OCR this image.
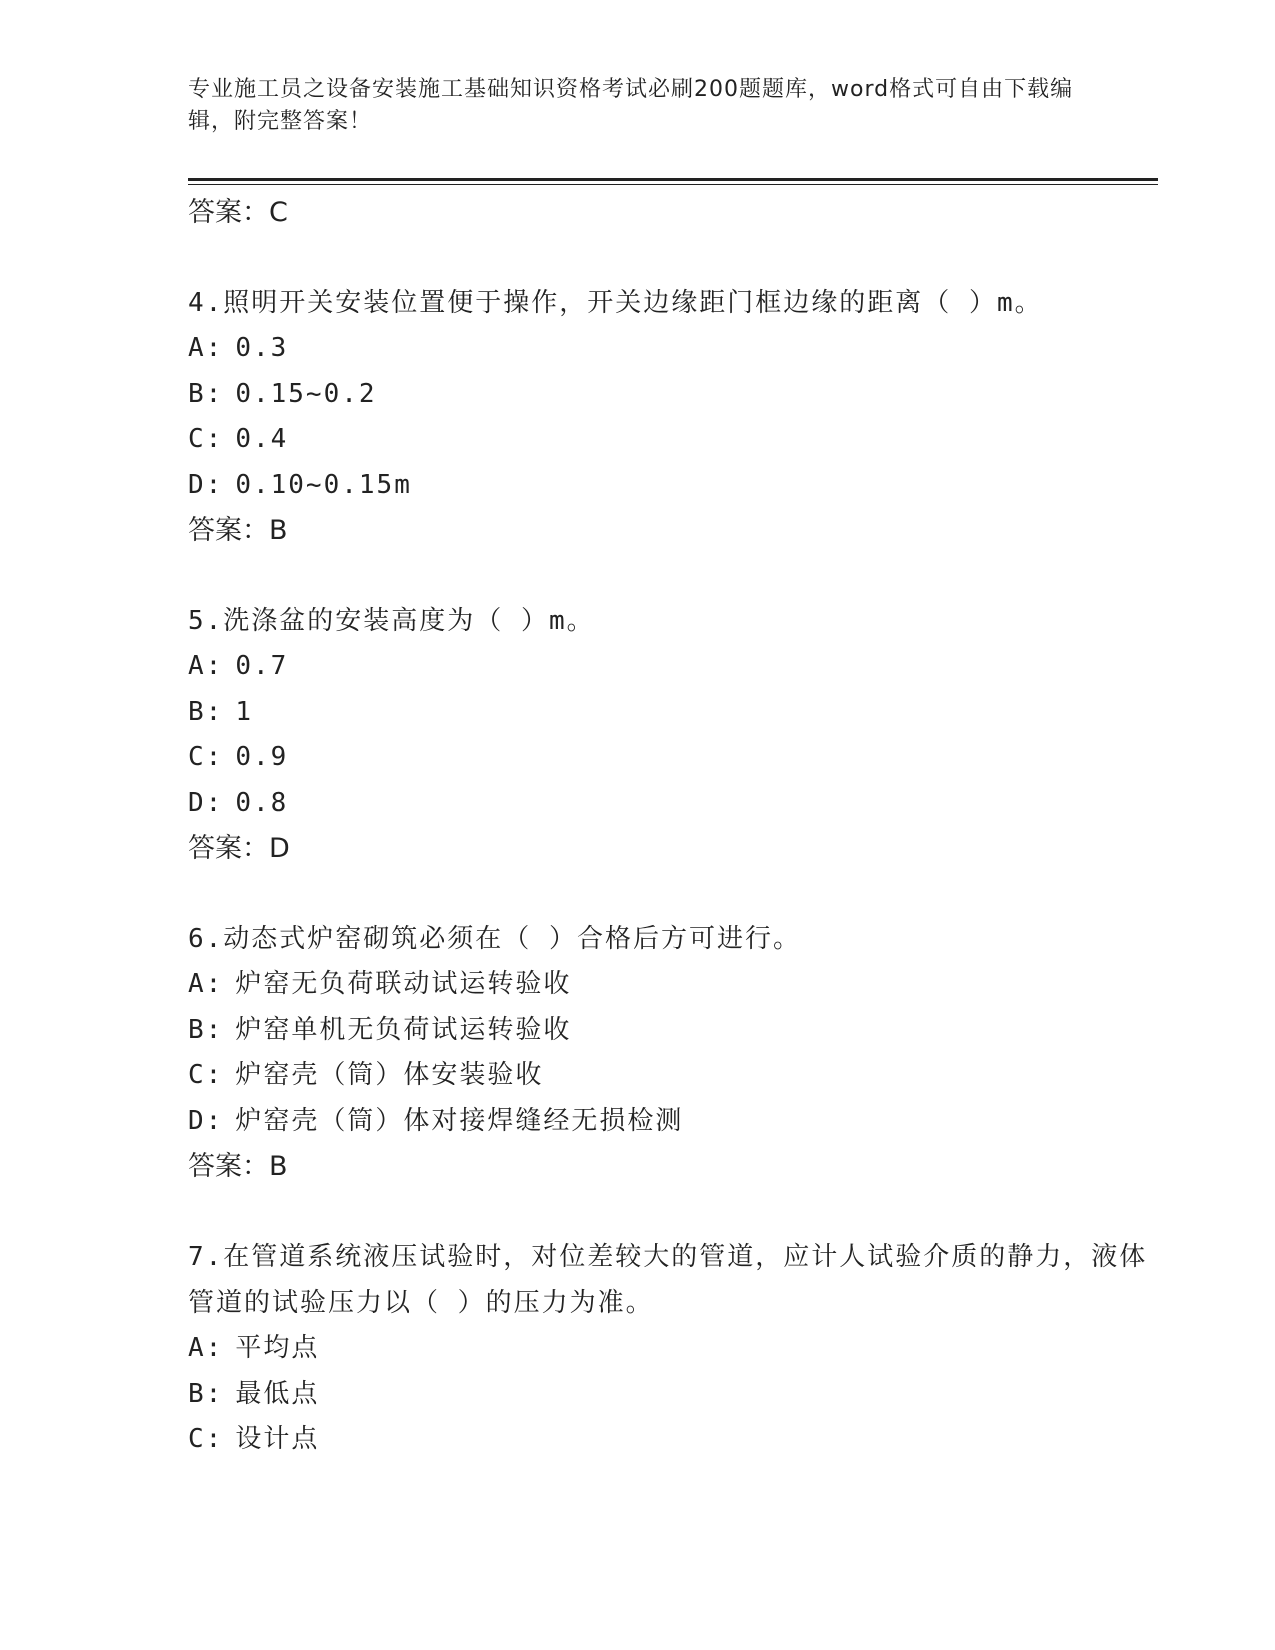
专业施工员之设备安装施工基础知识资格考试必刷200题题库，word格式可自由下载编辑，附完整答案！

答案：C

4.照明开关安装位置便于操作，开关边缘距门框边缘的距离（ ）m。

A: 0.3

B: 0.15~0.2

C: 0.4

D: 0.10~0.15m

答案：B

5.洗涤盆的安装高度为（ ）m。

A: 0.7

B: 1

C: 0.9

D: 0.8

答案：D

6.动态式炉窑砌筑必须在（ ）合格后方可进行。

A: 炉窑无负荷联动试运转验收

B: 炉窑单机无负荷试运转验收

C: 炉窑壳（筒）体安装验收

D: 炉窑壳（筒）体对接焊缝经无损检测

答案：B

7.在管道系统液压试验时，对位差较大的管道，应计人试验介质的静力，液体管道的试验压力以（ ）的压力为准。

A: 平均点

B: 最低点

C: 设计点
